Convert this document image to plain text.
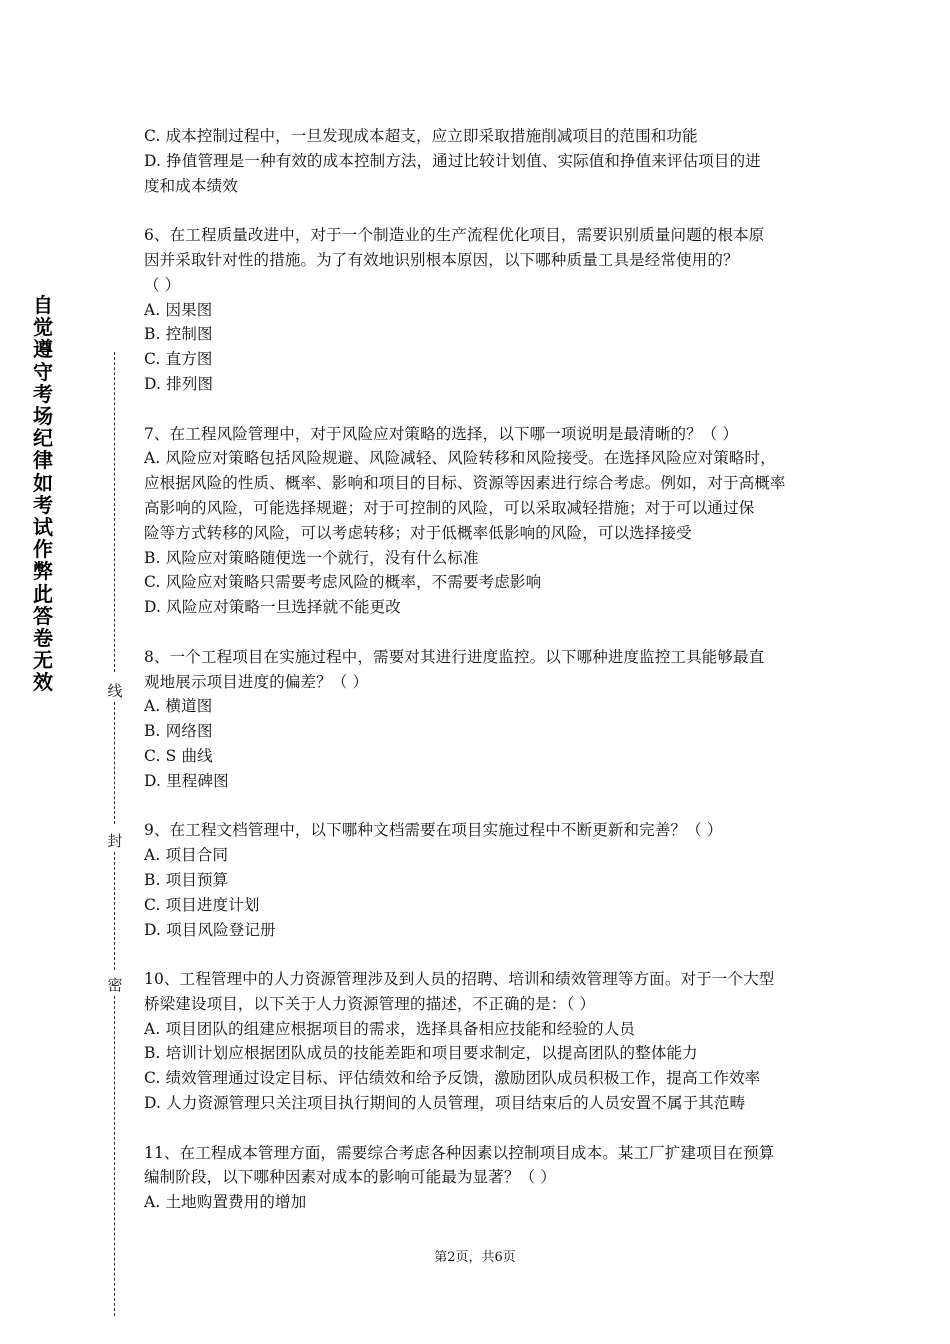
自
觉
遵
守
考
场
纪
律
如
考
试
作
弊
此
答
卷
无
效	线
封
密
C. 成本控制过程中，一旦发现成本超支，应立即采取措施削减项目的范围和功能
D. 挣值管理是一种有效的成本控制方法，通过比较计划值、实际值和挣值来评估项目的进
度和成本绩效
6、在工程质量改进中，对于一个制造业的生产流程优化项目，需要识别质量问题的根本原
因并采取针对性的措施。为了有效地识别根本原因，以下哪种质量工具是经常使用的？
（ ）
A. 因果图
B. 控制图
C. 直方图
D. 排列图
7、在工程风险管理中，对于风险应对策略的选择，以下哪一项说明是最清晰的？（ ）
A. 风险应对策略包括风险规避、风险减轻、风险转移和风险接受。在选择风险应对策略时，
应根据风险的性质、概率、影响和项目的目标、资源等因素进行综合考虑。例如，对于高概率
高影响的风险，可能选择规避；对于可控制的风险，可以采取减轻措施；对于可以通过保
险等方式转移的风险，可以考虑转移；对于低概率低影响的风险，可以选择接受
B. 风险应对策略随便选一个就行，没有什么标准
C. 风险应对策略只需要考虑风险的概率，不需要考虑影响
D. 风险应对策略一旦选择就不能更改
8、一个工程项目在实施过程中，需要对其进行进度监控。以下哪种进度监控工具能够最直
观地展示项目进度的偏差？（ ）
A. 横道图
B. 网络图
C. S 曲线
D. 里程碑图
9、在工程文档管理中，以下哪种文档需要在项目实施过程中不断更新和完善？（ ）
A. 项目合同
B. 项目预算
C. 项目进度计划
D. 项目风险登记册
10、工程管理中的人力资源管理涉及到人员的招聘、培训和绩效管理等方面。对于一个大型
桥梁建设项目，以下关于人力资源管理的描述，不正确的是：（ ）
A. 项目团队的组建应根据项目的需求，选择具备相应技能和经验的人员
B. 培训计划应根据团队成员的技能差距和项目要求制定，以提高团队的整体能力
C. 绩效管理通过设定目标、评估绩效和给予反馈，激励团队成员积极工作，提高工作效率
D. 人力资源管理只关注项目执行期间的人员管理，项目结束后的人员安置不属于其范畴
11、在工程成本管理方面，需要综合考虑各种因素以控制项目成本。某工厂扩建项目在预算
编制阶段，以下哪种因素对成本的影响可能最为显著？（ ）
A. 土地购置费用的增加
第2页，共6页
